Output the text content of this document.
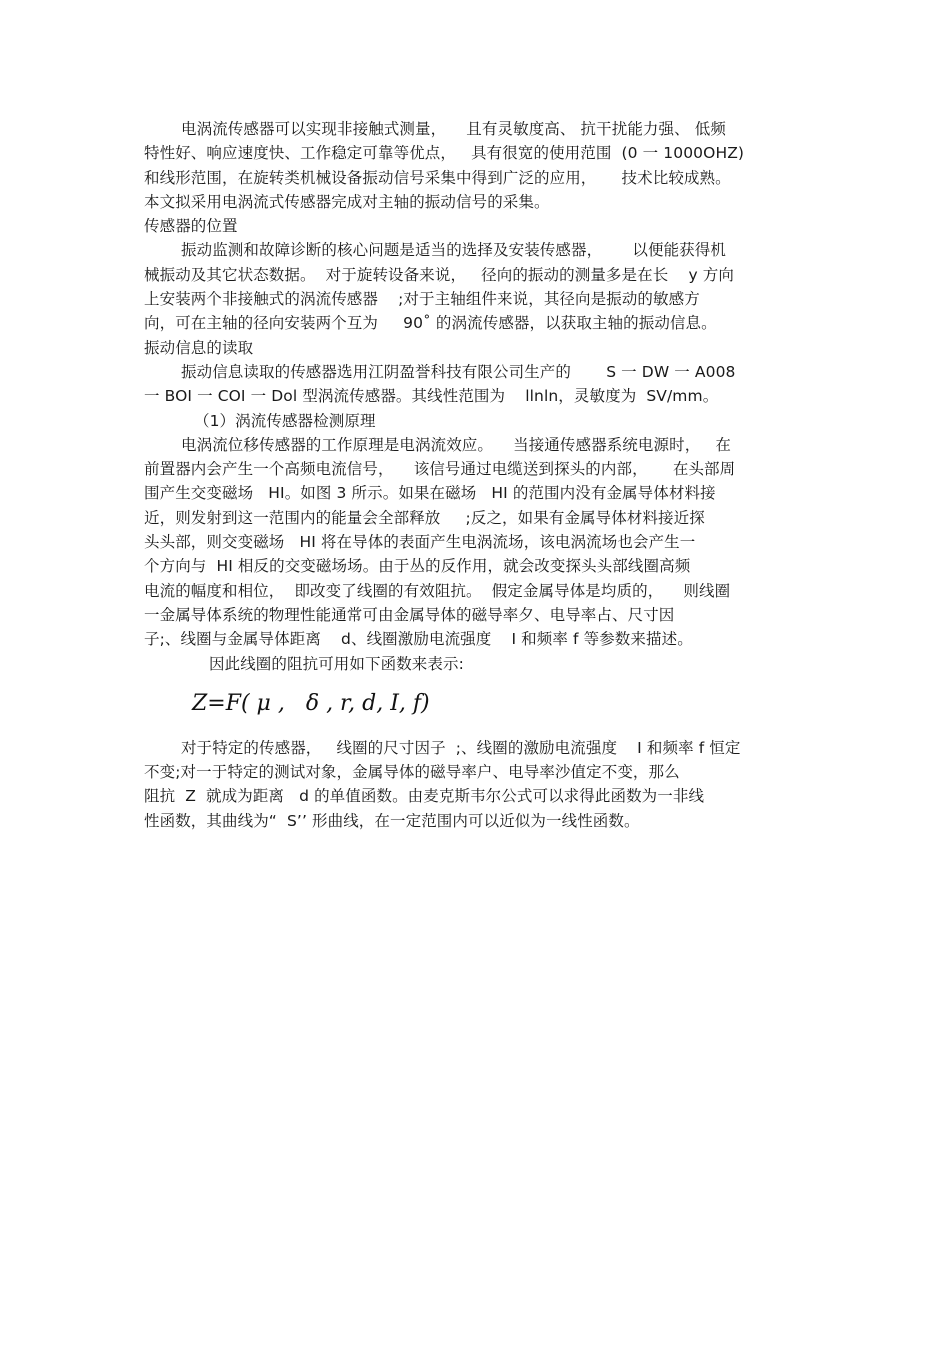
电涡流传感器可以实现非接触式测量，    且有灵敏度高、 抗干扰能力强、 低频
特性好、响应速度快、工作稳定可靠等优点，   具有很宽的使用范围  (0 一 1000OHZ)
和线形范围，在旋转类机械设备振动信号采集中得到广泛的应用，     技术比较成熟。
本文拟采用电涡流式传感器完成对主轴的振动信号的采集。
传感器的位置
振动监测和故障诊断的核心问题是适当的选择及安装传感器，      以便能获得机
械振动及其它状态数据。  对于旋转设备来说，   径向的振动的测量多是在长    y 方向
上安装两个非接触式的涡流传感器    ;对于主轴组件来说，其径向是振动的敏感方
向，可在主轴的径向安装两个互为     90˚ 的涡流传感器，以获取主轴的振动信息。
振动信息的读取
振动信息读取的传感器选用江阴盈誉科技有限公司生产的       S 一 DW 一 A008
一 BOI 一 COI 一 Dol 型涡流传感器。其线性范围为    llnln，灵敏度为  SV/mm。
（1）涡流传感器检测原理
电涡流位移传感器的工作原理是电涡流效应。    当接通传感器系统电源时，   在
前置器内会产生一个高频电流信号，    该信号通过电缆送到探头的内部，     在头部周
围产生交变磁场   HI。如图 3 所示。如果在磁场   HI 的范围内没有金属导体材料接
近，则发射到这一范围内的能量会全部释放     ;反之，如果有金属导体材料接近探
头头部，则交变磁场   HI 将在导体的表面产生电涡流场，该电涡流场也会产生一
个方向与  HI 相反的交变磁场场。由于丛的反作用，就会改变探头头部线圈高频
电流的幅度和相位，  即改变了线圈的有效阻抗。  假定金属导体是均质的，    则线圈
一金属导体系统的物理性能通常可由金属导体的磁导率夕、电导率占、尺寸因
子;、线圈与金属导体距离    d、线圈激励电流强度    I 和频率 f 等参数来描述。
因此线圈的阻抗可用如下函数来表示:
Z=F( μ ,   δ , r, d, I, f)
对于特定的传感器，   线圈的尺寸因子  ;、线圈的激励电流强度    I 和频率 f 恒定
不变;对一于特定的测试对象，金属导体的磁导率户、电导率沙值定不变，那么
阻抗  Z  就成为距离   d 的单值函数。由麦克斯韦尔公式可以求得此函数为一非线
性函数，其曲线为“  S’’ 形曲线，在一定范围内可以近似为一线性函数。
